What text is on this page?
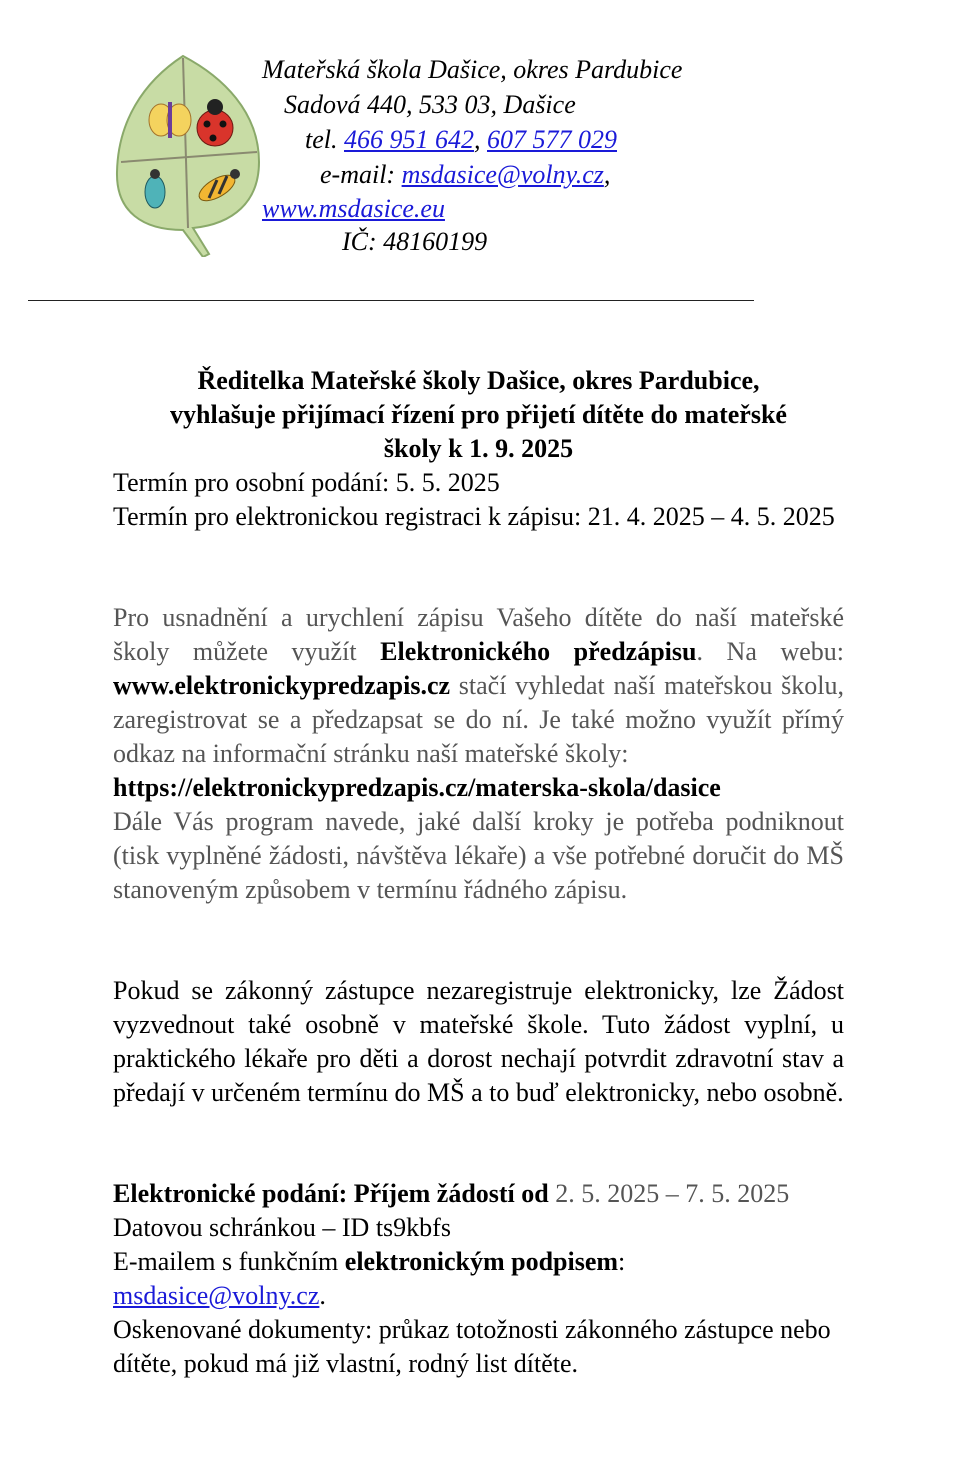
Mateřská škola Dašice, okres Pardubice
Sadová 440, 533 03, Dašice
tel. 466 951 642, 607 577 029
e-mail: msdasice@volny.cz,
www.msdasice.eu
IČ: 48160199

Ředitelka Mateřské školy Dašice, okres Pardubice,

vyhlašuje přijímací řízení pro přijetí dítěte do mateřské

školy k 1. 9. 2025

Termín pro osobní podání: 5. 5. 2025

Termín pro elektronickou registraci k zápisu: 21. 4. 2025 – 4. 5. 2025

Pro usnadnění a urychlení zápisu Vašeho dítěte do naší mateřské školy můžete využít Elektronického předzápisu. Na webu: www.elektronickypredzapis.cz stačí vyhledat naší mateřskou školu, zaregistrovat se a předzapsat se do ní. Je také možno využít přímý odkaz na informační stránku naší mateřské školy:

https://elektronickypredzapis.cz/materska-skola/dasice

Dále Vás program navede, jaké další kroky je potřeba podniknout (tisk vyplněné žádosti, návštěva lékaře) a vše potřebné doručit do MŠ stanoveným způsobem v termínu řádného zápisu.

Pokud se zákonný zástupce nezaregistruje elektronicky, lze Žádost vyzvednout také osobně v mateřské škole. Tuto žádost vyplní, u praktického lékaře pro děti a dorost nechají potvrdit zdravotní stav a předají v určeném termínu do MŠ a to buď elektronicky, nebo osobně.

Elektronické podání: Příjem žádostí od 2. 5. 2025 – 7. 5. 2025

Datovou schránkou – ID ts9kbfs

E-mailem s funkčním elektronickým podpisem:

msdasice@volny.cz.

Oskenované dokumenty: průkaz totožnosti zákonného zástupce nebo dítěte, pokud má již vlastní, rodný list dítěte.
